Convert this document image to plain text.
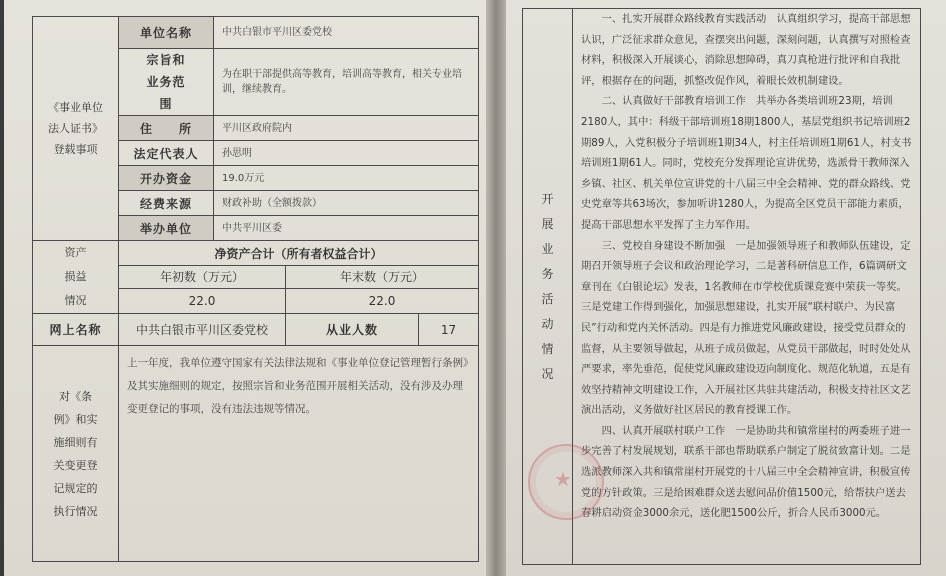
《事业单位法人证书》登载事项	单位名称	中共白银市平川区委党校		

	宗旨和业务范围	为在职干部提供高等教育，培训高等教育，相关专业培训，继续教育。		
	住　　所	平川区政府院内		
	法定代表人	孙思明		
	开办资金	19.0万元		
	经费来源	财政补助（全额拨款）		
	举办单位	中共平川区委		

资产损益情况	净资产合计（所有者权益合计）			
	年初数（万元）		年末数（万元）	
	22.0		22.0	
网上名称	中共白银市平川区委党校		从业人数	17

对《条例》和实施细则有关变更登记规定的执行情况	上一年度，我单位遵守国家有关法律法规和《事业单位登记管理暂行条例》及其实施细则的规定，按照宗旨和业务范围开展相关活动，没有涉及办理变更登记的事项，没有违法违规等情况。			
开展业务活动情况

一、扎实开展群众路线教育实践活动　认真组织学习，提高干部思想认识，广泛征求群众意见，查摆突出问题，深刻问题，认真撰写对照检查材料，积极深入开展谈心，消除思想障碍，真刀真枪进行批评和自我批评，根据存在的问题，抓整改促作风，着眼长效机制建设。

二、认真做好干部教育培训工作　共举办各类培训班23期，培训2180人，其中：科级干部培训班18期1800人，基层党组织书记培训班2期89人，入党积极分子培训班1期34人，村主任培训班1期61人，村支书培训班1期61人。同时，党校充分发挥理论宣讲优势，选派骨干教师深入乡镇、社区、机关单位宣讲党的十八届三中全会精神、党的群众路线、党史党章等共63场次，参加听讲1280人，为提高全区党员干部能力素质，提高干部思想水平发挥了主力军作用。

三、党校自身建设不断加强　一是加强领导班子和教师队伍建设，定期召开领导班子会议和政治理论学习，二是著科研信息工作，6篇调研文章刊在《白银论坛》发表，1名教师在市学校优质课竞赛中荣获一等奖。三是党建工作得到强化，加强思想建设，扎实开展“联村联户、为民富民”行动和党内关怀活动。四是有力推进党风廉政建设，接受党员群众的监督，从主要领导做起，从班子成员做起，从党员干部做起，时时处处从严要求，率先垂范，促使党风廉政建设迈向制度化、规范化轨道，五是有效坚持精神文明建设工作，入开展社区共驻共建活动，积极支持社区文艺演出活动，义务做好社区居民的教育授课工作。

四、认真开展联村联户工作　一是协助共和镇常崖村的两委班子进一步完善了村发展规划，联系干部也帮助联系户制定了脱贫致富计划。二是选派教师深入共和镇常崖村开展党的十八届三中全会精神宣讲，积极宣传党的方针政策。三是给困难群众送去慰问品价值1500元，给帮扶户送去春耕启动资金3000余元，送化肥1500公斤，折合人民币3000元。

★
